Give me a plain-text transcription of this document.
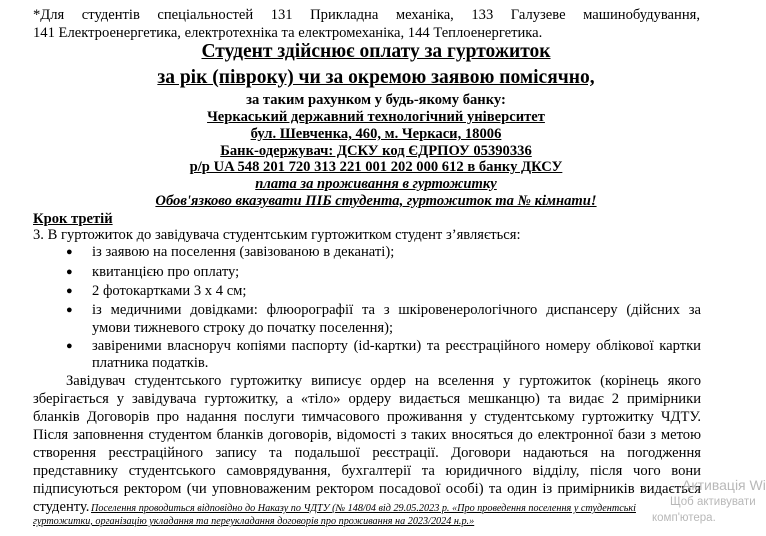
*Для студентів спеціальностей 131 Прикладна механіка, 133 Галузеве машинобудування,
141 Електроенергетика, електротехніка та електромеханіка, 144 Теплоенергетика.
Студент здійснює оплату за гуртожиток
за рік (півроку) чи за окремою заявою помісячно,
за таким рахунком у будь-якому банку:
Черкаський державний технологічний університет
бул. Шевченка, 460, м. Черкаси, 18006
Банк-одержувач: ДСКУ код ЄДРПОУ 05390336
р/р UA 548 201 720 313 221 001 202 000 612 в банку ДКСУ
плата за проживання в гуртожитку
Обов'язково вказувати ПІБ студента, гуртожиток та № кімнати!
Крок третій
3. В гуртожиток до завідувача студентським гуртожитком студент з’являється:
● із заявою на поселення (завізованою в деканаті);
● квитанцією про оплату;
● 2 фотокартками 3 х 4 см;
● із медичними довідками: флюорографії та з шкіровенерологічного диспансеру (дійсних за
умови тижневого строку до початку поселення);
● завіреними власноруч копіями паспорту (id-картки) та реєстраційного номеру облікової картки
платника податків.
Завідувач студентського гуртожитку виписує ордер на вселення у гуртожиток (корінець якого
зберігається у завідувача гуртожитку, а «тіло» ордеру видається мешканцю) та видає 2 примірники
бланків Договорів про надання послуги тимчасового проживання у студентському гуртожитку ЧДТУ.
Після заповнення студентом бланків договорів, відомості з таких вносяться до електронної бази з метою
створення реєстраційного запису та подальшої реєстрації. Договори надаються на погодження
представнику студентського самоврядування, бухгалтерії та юридичного відділу, після чого вони
підписуються ректором (чи уповноваженим ректором посадової особі) та один із примірників видається
студенту. Поселення проводиться відповідно до Наказу по ЧДТУ (№ 148/04 від 29.05.2023 р. «Про проведення поселення у студентські
гуртожитки, організацію укладання та переукладання договорів про проживання на 2023/2024 н.р.»
Активація Wi
Щоб активувати
комп'ютера.
